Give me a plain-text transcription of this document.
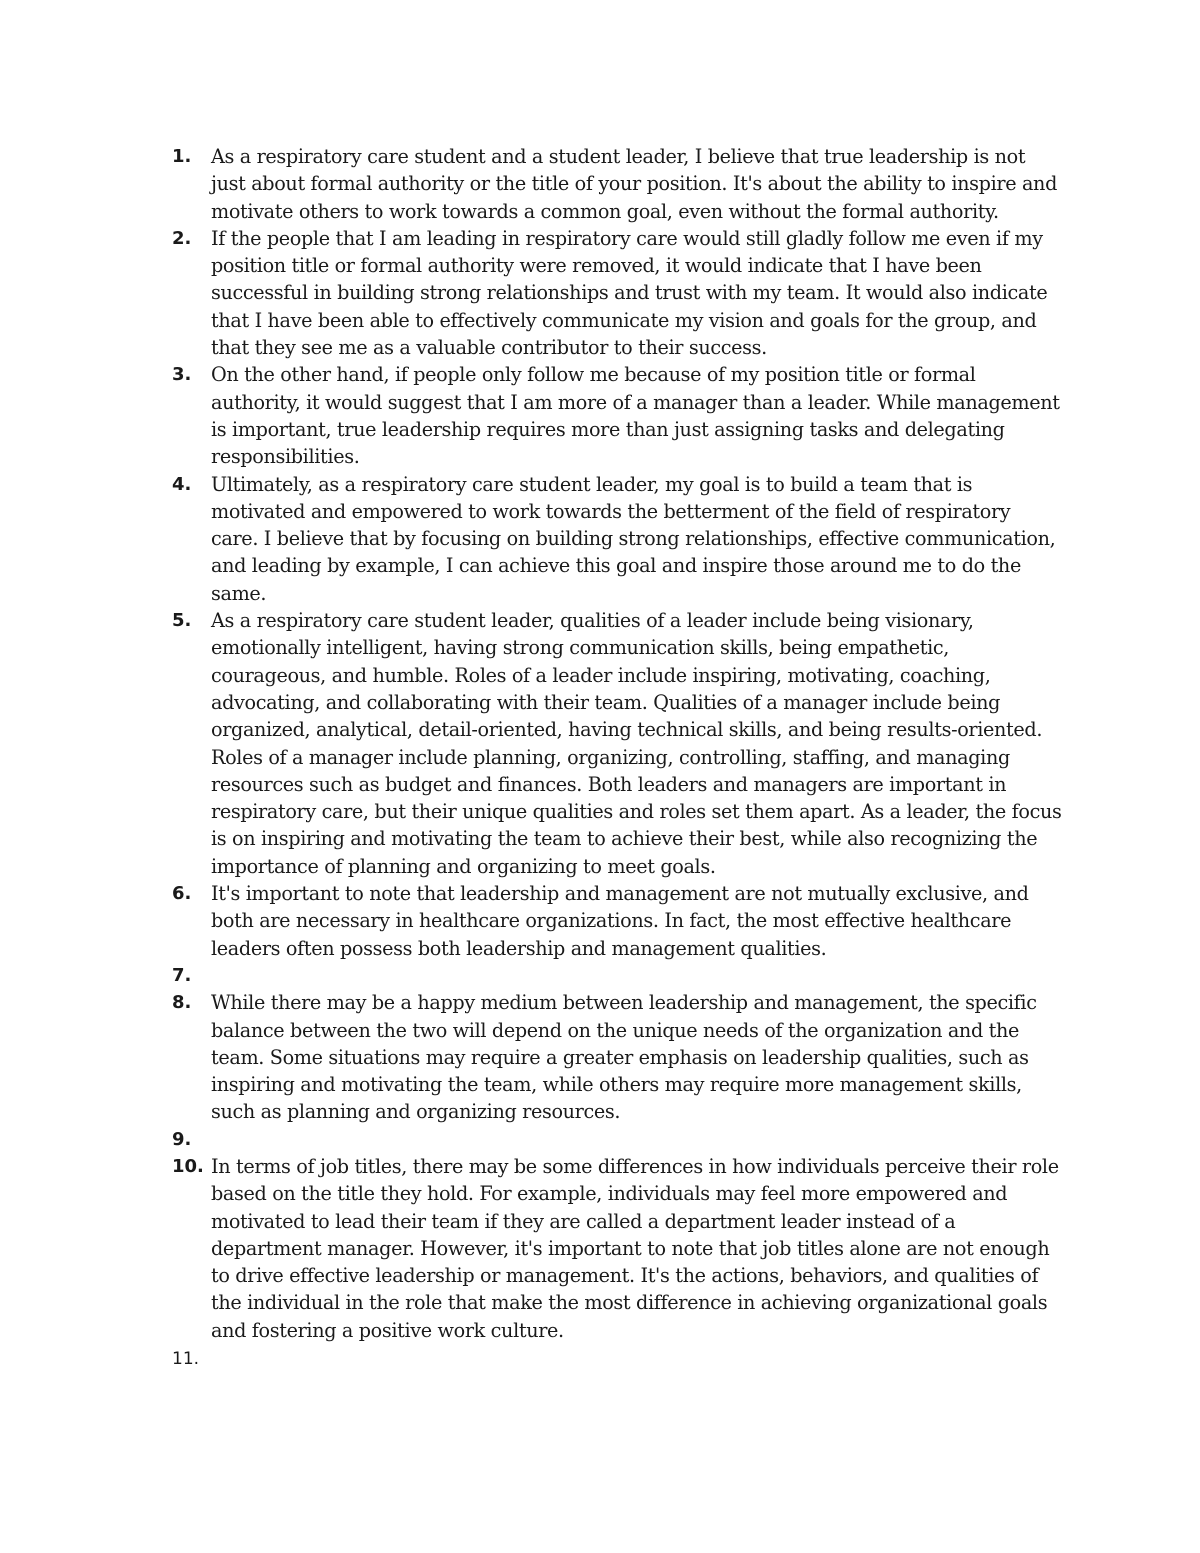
1.	As a respiratory care student and a student leader, I believe that true leadership is not just about formal authority or the title of your position. It's about the ability to inspire and motivate others to work towards a common goal, even without the formal authority.
2.	If the people that I am leading in respiratory care would still gladly follow me even if my position title or formal authority were removed, it would indicate that I have been successful in building strong relationships and trust with my team. It would also indicate that I have been able to effectively communicate my vision and goals for the group, and that they see me as a valuable contributor to their success.
3.	On the other hand, if people only follow me because of my position title or formal authority, it would suggest that I am more of a manager than a leader. While management is important, true leadership requires more than just assigning tasks and delegating responsibilities.
4.	Ultimately, as a respiratory care student leader, my goal is to build a team that is motivated and empowered to work towards the betterment of the field of respiratory care. I believe that by focusing on building strong relationships, effective communication, and leading by example, I can achieve this goal and inspire those around me to do the same.
5.	As a respiratory care student leader, qualities of a leader include being visionary, emotionally intelligent, having strong communication skills, being empathetic, courageous, and humble. Roles of a leader include inspiring, motivating, coaching, advocating, and collaborating with their team. Qualities of a manager include being organized, analytical, detail-oriented, having technical skills, and being results-oriented. Roles of a manager include planning, organizing, controlling, staffing, and managing resources such as budget and finances. Both leaders and managers are important in respiratory care, but their unique qualities and roles set them apart. As a leader, the focus is on inspiring and motivating the team to achieve their best, while also recognizing the importance of planning and organizing to meet goals.
6.	It's important to note that leadership and management are not mutually exclusive, and both are necessary in healthcare organizations. In fact, the most effective healthcare leaders often possess both leadership and management qualities.
7.
8.	While there may be a happy medium between leadership and management, the specific balance between the two will depend on the unique needs of the organization and the team. Some situations may require a greater emphasis on leadership qualities, such as inspiring and motivating the team, while others may require more management skills, such as planning and organizing resources.
9.
10. In terms of job titles, there may be some differences in how individuals perceive their role based on the title they hold. For example, individuals may feel more empowered and motivated to lead their team if they are called a department leader instead of a department manager. However, it's important to note that job titles alone are not enough to drive effective leadership or management. It's the actions, behaviors, and qualities of the individual in the role that make the most difference in achieving organizational goals and fostering a positive work culture.
11.
